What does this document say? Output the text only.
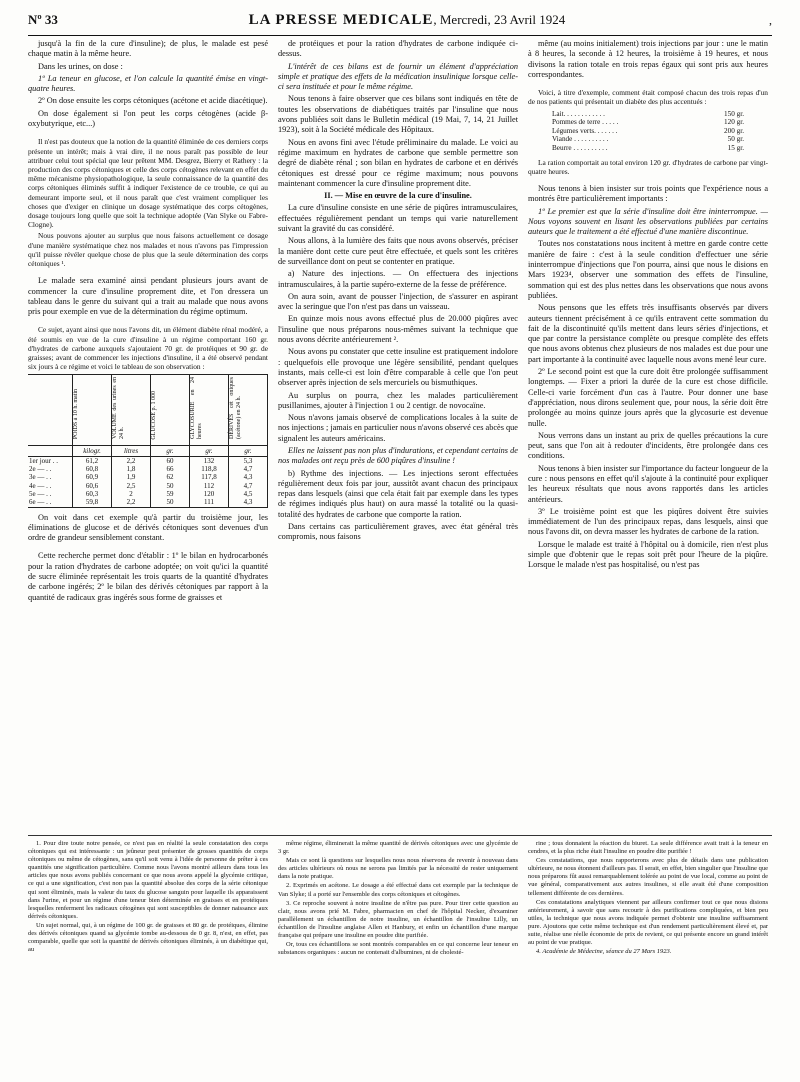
Nº 33	LA PRESSE MEDICALE, Mercredi, 23 Avril 1924	,

jusqu'à la fin de la cure d'insuline); de plus, le malade est pesé chaque matin à la même heure.

Dans les urines, on dose :

1º La teneur en glucose, et l'on calcule la quantité émise en vingt-quatre heures.

2º On dose ensuite les corps cétoniques (acétone et acide diacétique).

On dose également si l'on peut les corps cétogènes (acide β-oxybutyrique, etc...)

Il n'est pas douteux que la notion de la quantité éliminée de ces derniers corps présente un intérêt; mais à vrai dire, il ne nous paraît pas possible de leur attribuer celui tout spécial que leur prêtent MM. Desgrez, Bierry et Rathery : la production des corps cétoniques et celle des corps cétogènes relevant en effet du même mécanisme physiopathologique, la seule connaissance de la quantité des corps cétoniques éliminés suffit à indiquer l'existence de ce trouble, ce qui au demeurant importe seul, et il nous paraît que c'est vraiment compliquer les choses que d'exiger en clinique un dosage systématique des corps cétogènes, dosage toujours long quelle que soit la technique adoptée (Van Slyke ou Fabre-Clogne).

Nous pouvons ajouter au surplus que nous faisons actuellement ce dosage d'une manière systématique chez nos malades et nous n'avons pas l'impression qu'il puisse révéler quelque chose de plus que la seule détermination des corps cétoniques ¹.

Le malade sera examiné ainsi pendant plusieurs jours avant de commencer la cure d'insuline proprement dite, et l'on dressera un tableau dans le genre du suivant qui a trait au malade que nous avons pris pour exemple en vue de la détermination du régime optimum.

Ce sujet, ayant ainsi que nous l'avons dit, un élément diabète rénal modéré, a été soumis en vue de la cure d'insuline à un régime comportant 160 gr. d'hydrates de carbone auxquels s'ajoutaient 70 gr. de protéiques et 90 gr. de graisses; avant de commencer les injections d'insuline, il a été observé pendant six jours à ce régime et voici le tableau de son observation :

	POIDS à 10 h. matin	VOLUME des urines en 24 h.	GLUCOSE p. 1 000	GLYCOSURIE en 24 heures	DÉRIVÉS cét oniques (acétone) en 24 h.
	kilogr.	litres	gr.	gr.	gr.
1er jour . .	61,2	2,2	60	132	5,3
2e — . .	60,8	1,8	66	118,8	4,7
3e — . .	60,9	1,9	62	117,8	4,3
4e — . .	60,6	2,5	50	112	4,7
5e — . .	60,3	2	59	120	4,5
6e — . .	59,8	2,2	50	111	4,3

On voit dans cet exemple qu'à partir du troisième jour, les éliminations de glucose et de dérivés cétoniques sont devenues d'un ordre de grandeur sensiblement constant.

Cette recherche permet donc d'établir : 1º le bilan en hydrocarbonés pour la ration d'hydrates de carbone adoptée; on voit qu'ici la quantité de sucre éliminée représentait les trois quarts de la quantité d'hydrates de carbone ingérés; 2º le bilan des dérivés cétoniques par rapport à la quantité de radicaux gras ingérés sous forme de graisses et

de protéiques et pour la ration d'hydrates de carbone indiquée ci-dessus.

L'intérêt de ces bilans est de fournir un élément d'appréciation simple et pratique des effets de la médication insulinique lorsque celle-ci sera instituée et pour le même régime.

Nous tenons à faire observer que ces bilans sont indiqués en tête de toutes les observations de diabétiques traités par l'insuline que nous avons publiées soit dans le Bulletin médical (19 Mai, 7, 14, 21 Juillet 1923), soit à la Société médicale des Hôpitaux.

Nous en avons fini avec l'étude préliminaire du malade. Le voici au régime maximum en hydrates de carbone que semble permettre son degré de diabète rénal ; son bilan en hydrates de carbone et en dérivés cétoniques est dressé pour ce régime maximum; nous pouvons maintenant commencer la cure d'insuline proprement dite.

II. — Mise en œuvre de la cure d'insuline.

La cure d'insuline consiste en une série de piqûres intramusculaires, effectuées régulièrement pendant un temps qui varie naturellement suivant la gravité du cas considéré.

Nous allons, à la lumière des faits que nous avons observés, préciser la manière dont cette cure peut être effectuée, et quels sont les critères de surveillance dont on peut se contenter en pratique.

a) Nature des injections. — On effectuera des injections intramusculaires, à la partie supéro-externe de la fesse de préférence.

On aura soin, avant de pousser l'injection, de s'assurer en aspirant avec la seringue que l'on n'est pas dans un vaisseau.

En quinze mois nous avons effectué plus de 20.000 piqûres avec l'insuline que nous préparons nous-mêmes suivant la technique que nous avons décrite antérieurement ².

Nous avons pu constater que cette insuline est pratiquement indolore : quelquefois elle provoque une légère sensibilité, pendant quelques instants, mais celle-ci est loin d'être comparable à celle que l'on peut observer après injection de sels mercuriels ou bismuthiques.

Au surplus on pourra, chez les malades particulièrement pusillanimes, ajouter à l'injection 1 ou 2 centigr. de novocaïne.

Nous n'avons jamais observé de complications locales à la suite de nos injections ; jamais en particulier nous n'avons observé ces abcès que signalent les auteurs américains.

Elles ne laissent pas non plus d'indurations, et cependant certains de nos malades ont reçu près de 600 piqûres d'insuline !

b) Rythme des injections. — Les injections seront effectuées régulièrement deux fois par jour, aussitôt avant chacun des principaux repas dans lesquels (ainsi que cela était fait par exemple dans les types de régimes indiqués plus haut) on aura massé la totalité ou la quasi-totalité des hydrates de carbone que comporte la ration.

Dans certains cas particulièrement graves, avec état général très compromis, nous faisons

même (au moins initialement) trois injections par jour : une le matin à 8 heures, la seconde à 12 heures, la troisième à 19 heures, et nous divisons la ration totale en trois repas égaux qui sont pris aux heures correspondantes.

Voici, à titre d'exemple, comment était composé chacun des trois repas d'un de nos patients qui présentait un diabète des plus accentués :

Lait. . . . . . . . . . . .	150 gr.
Pommes de terre . . . . .	120 gr.
Légumes verts. . . . . . .	200 gr.
Viande . . . . . . . . . .	50 gr.
Beurre . . . . . . . . . .	15 gr.

La ration comportait au total environ 120 gr. d'hydrates de carbone par vingt-quatre heures.

Nous tenons à bien insister sur trois points que l'expérience nous a montrés être particulièrement importants :

1º Le premier est que la série d'insuline doit être ininterrompue. — Nous voyons souvent en lisant les observations publiées par certains auteurs que le traitement a été effectué d'une manière discontinue.

Toutes nos constatations nous incitent à mettre en garde contre cette manière de faire : c'est à la seule condition d'effectuer une série ininterrompue d'injections que l'on pourra, ainsi que nous le disions en Mars 1923⁴, observer une sommation des effets de l'insuline, sommation qui est des plus nettes dans les observations que nous avons publiées.

Nous pensons que les effets très insuffisants observés par divers auteurs tiennent précisément à ce qu'ils entravent cette sommation du fait de la discontinuité qu'ils mettent dans leurs séries d'injections, et que par contre la persistance complète ou presque complète des effets que nous avons obtenus chez plusieurs de nos malades est due pour une part importante à la continuité avec laquelle nous avons mené leur cure.

2º Le second point est que la cure doit être prolongée suffisamment longtemps. — Fixer a priori la durée de la cure est chose difficile. Celle-ci varie forcément d'un cas à l'autre. Pour donner une base d'appréciation, nous dirons seulement que, pour nous, la série doit être prolongée au moins quinze jours après que la glycosurie est devenue nulle.

Nous verrons dans un instant au prix de quelles précautions la cure peut, sans que l'on ait à redouter d'incidents, être prolongée dans ces conditions.

Nous tenons à bien insister sur l'importance du facteur longueur de la cure : nous pensons en effet qu'il s'ajoute à la continuité pour expliquer les heureux résultats que nous avons rapportés dans les articles antérieurs.

3º Le troisième point est que les piqûres doivent être suivies immédiatement de l'un des principaux repas, dans lesquels, ainsi que nous l'avons dit, on devra masser les hydrates de carbone de la ration.

Lorsque le malade est traité à l'hôpital ou à domicile, rien n'est plus simple que d'obtenir que le repas soit prêt pour l'heure de la piqûre. Lorsque le malade n'est pas hospitalisé, ou n'est pas

1. Pour dire toute notre pensée, ce n'est pas en réalité la seule constatation des corps cétoniques qui est intéressante : un jeûneur peut présenter de grosses quantités de corps cétoniques ou même de cétogènes, sans qu'il soit venu à l'idée de personne de prêter à ces quantités une signification particulière. Comme nous l'avons montré ailleurs dans tous les articles que nous avons publiés concernant ce que nous avons appelé la glycémie critique, ce qui a une signification, c'est non pas la quantité absolue des corps de la série cétonique qui sont éliminés, mais la valeur du taux du glucose sanguin pour laquelle ils apparaissent dans l'urine, et pour un régime d'une teneur bien déterminée en graisses et en protéiques lesquelles renferment les radicaux cétogènes qui sont susceptibles de donner naissance aux dérivés cétoniques.

Un sujet normal, qui, à un régime de 100 gr. de graisses et 80 gr. de protéiques, élimine des dérivés cétoniques quand sa glycémie tombe au-dessous de 0 gr. 8, n'est, en effet, pas comparable, quelle que soit la quantité de dérivés cétoniques éliminés, à un diabétique qui, au

même régime, éliminerait la même quantité de dérivés cétoniques avec une glycémie de 3 gr.

Mais ce sont là questions sur lesquelles nous nous réservons de revenir à nouveau dans des articles ultérieurs où nous ne serons pas limités par la nécessité de rester uniquement dans la note pratique.

2. Exprimés en acétone. Le dosage a été effectué dans cet exemple par la technique de Van Slyke; il a porté sur l'ensemble des corps cétoniques et cétogènes.

3. Ce reproche souvent à notre insuline de n'être pas pure. Pour tirer cette question au clair, nous avons prié M. Fabre, pharmacien en chef de l'hôpital Necker, d'examiner parallèlement un échantillon de notre insuline, un échantillon de l'insuline Lilly, un échantillon de l'insuline anglaise Allen et Hanbury, et enfin un échantillon d'une marque française qui prépare une insuline en poudre dite purifiée.

Or, tous ces échantillons se sont montrés comparables en ce qui concerne leur teneur en substances organiques : aucun ne contenait d'albumines, ni de cholesté-

rine ; tous donnaient la réaction du biuret. La seule différence avait trait à la teneur en cendres, et la plus riche était l'insuline en poudre dite purifiée !

Ces constatations, que nous rapporterons avec plus de détails dans une publication ultérieure, ne nous étonnent d'ailleurs pas. Il serait, en effet, bien singulier que l'insuline que nous préparons fût aussi remarquablement tolérée au point de vue local, comme au point de vue général, comparativement aux autres insulines, si elle avait été d'une composition tellement différente de ces dernières.

Ces constatations analytiques viennent par ailleurs confirmer tout ce que nous disions antérieurement, à savoir que sans recourir à des purifications compliquées, et bien peu utiles, la technique que nous avons indiquée permet d'obtenir une insuline suffisamment pure. Ajoutons que cette même technique est d'un rendement particulièrement élevé et, par suite, réalise une réelle économie de prix de revient, ce qui présente encore un grand intérêt au point de vue pratique.

4. Académie de Médecine, séance du 27 Mars 1923.
